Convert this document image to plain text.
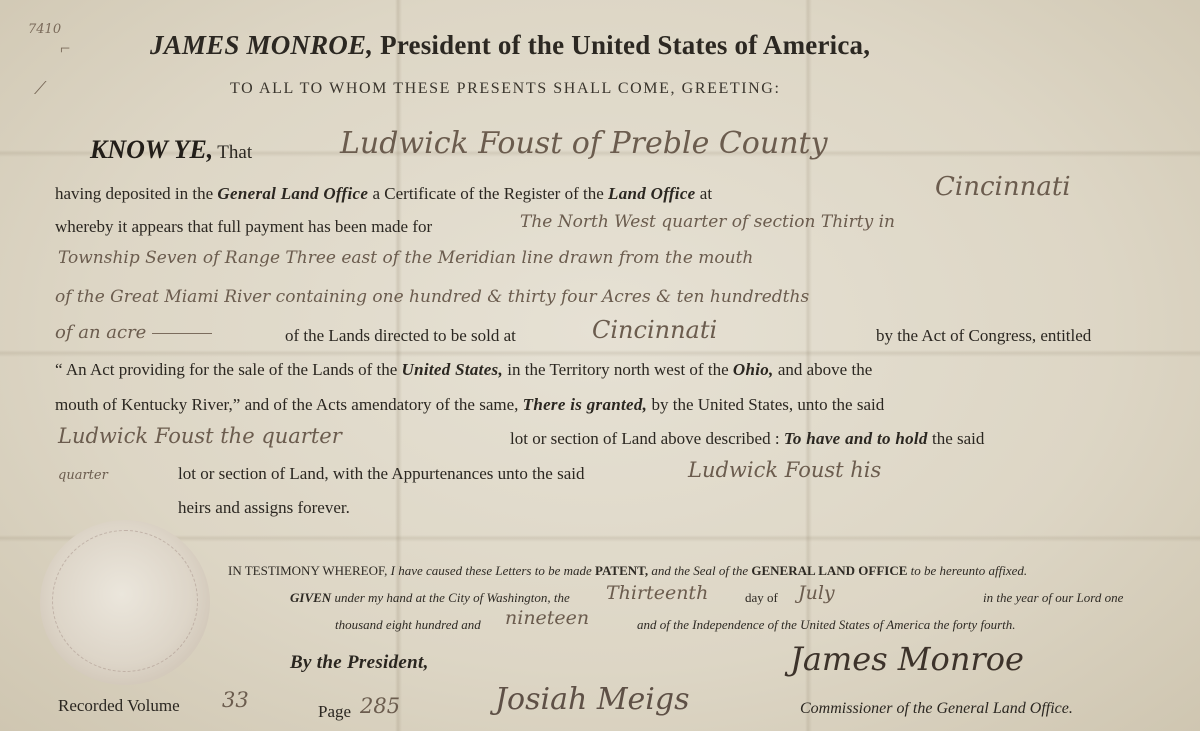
7410
⌐
⟋
JAMES MONROE, President of the United States of America,
TO ALL TO WHOM THESE PRESENTS SHALL COME, GREETING:
KNOW YE, That	Ludwick Foust of Preble County
having deposited in the General Land Office a Certificate of the Register of the Land Office at	Cincinnati
whereby it appears that full payment has been made for	The North West quarter of section Thirty in
Township Seven of Range Three east of the Meridian line drawn from the mouth
of the Great Miami River containing one hundred & thirty four Acres & ten hundredths
of an acre	of the Lands directed to be sold at	Cincinnati	by the Act of Congress, entitled
“ An Act providing for the sale of the Lands of the United States, in the Territory north west of the Ohio, and above the
mouth of Kentucky River,” and of the Acts amendatory of the same, There is granted, by the United States, unto the said
Ludwick Foust the quarter	lot or section of Land above described : To have and to hold the said
quarter	lot or section of Land, with the Appurtenances unto the said	Ludwick Foust his
heirs and assigns forever.
IN TESTIMONY WHEREOF, I have caused these Letters to be made PATENT, and the Seal of the GENERAL LAND OFFICE to be hereunto affixed.
GIVEN under my hand at the City of Washington, the Thirteenth	day of July	in the year of our Lord one
thousand eight hundred and nineteen	and of the Independence of the United States of America the forty fourth.
By the President,	James Monroe
Recorded Volume 33	Page 285	Josiah Meigs	Commissioner of the General Land Office.
